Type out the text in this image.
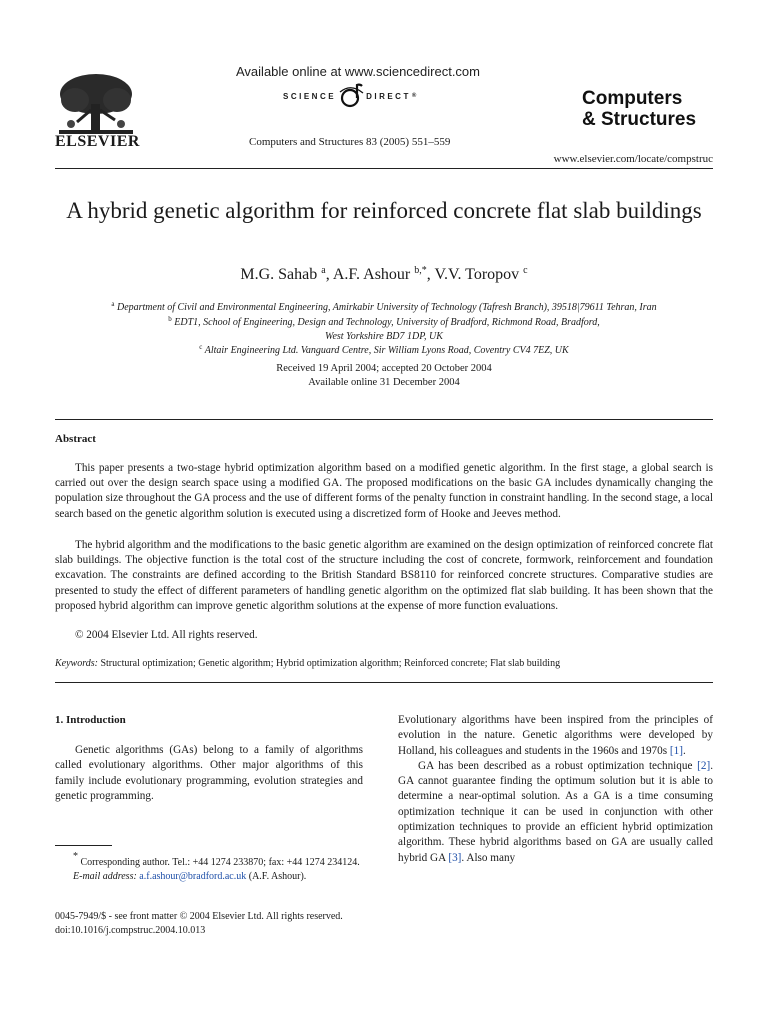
ELSEVIER
Available online at www.sciencedirect.com
SCIENCE	DIRECT ®
Computers and Structures 83 (2005) 551–559
Computers
& Structures
www.elsevier.com/locate/compstruc
A hybrid genetic algorithm for reinforced concrete flat slab buildings
M.G. Sahab $^a$, A.F. Ashour $^{b,*}$, V.V. Toropov $^c$
$^a$ Department of Civil and Environmental Engineering, Amirkabir University of Technology (Tafresh Branch), 39518|79611 Tehran, Iran
$^b$ EDT1, School of Engineering, Design and Technology, University of Bradford, Richmond Road, Bradford,
West Yorkshire BD7 1DP, UK
$^c$ Altair Engineering Ltd. Vanguard Centre, Sir William Lyons Road, Coventry CV4 7EZ, UK
Received 19 April 2004; accepted 20 October 2004
Available online 31 December 2004
Abstract

This paper presents a two-stage hybrid optimization algorithm based on a modified genetic algorithm. In the first stage, a global search is carried out over the design search space using a modified GA. The proposed modifications on the basic GA includes dynamically changing the population size throughout the GA process and the use of different forms of the penalty function in constraint handling. In the second stage, a local search based on the genetic algorithm solution is executed using a discretized form of Hooke and Jeeves method.

The hybrid algorithm and the modifications to the basic genetic algorithm are examined on the design optimization of reinforced concrete flat slab buildings. The objective function is the total cost of the structure including the cost of concrete, formwork, reinforcement and foundation excavation. The constraints are defined according to the British Standard BS8110 for reinforced concrete structures. Comparative studies are presented to study the effect of different parameters of handling genetic algorithm on the optimized flat slab building. It has been shown that the proposed hybrid algorithm can improve genetic algorithm solutions at the expense of more function evaluations.

© 2004 Elsevier Ltd. All rights reserved.
Keywords: Structural optimization; Genetic algorithm; Hybrid optimization algorithm; Reinforced concrete; Flat slab building
1. Introduction

Genetic algorithms (GAs) belong to a family of algorithms called evolutionary algorithms. Other major algorithms of this family include evolutionary programming, evolution strategies and genetic programming.

Evolutionary algorithms have been inspired from the principles of evolution in the nature. Genetic algorithms were developed by Holland, his colleagues and students in the 1960s and 1970s [1].

GA has been described as a robust optimization technique [2]. GA cannot guarantee finding the optimum solution but it is able to determine a near-optimal solution. As a GA is a time consuming optimization technique it can be used in conjunction with other optimization techniques to provide an efficient hybrid optimization algorithm. These hybrid algorithms based on GA are usually called hybrid GA [3]. Also many

* Corresponding author. Tel.: +44 1274 233870; fax: +44 1274 234124.

E-mail address: a.f.ashour@bradford.ac.uk (A.F. Ashour).

0045-7949/$ - see front matter © 2004 Elsevier Ltd. All rights reserved.
doi:10.1016/j.compstruc.2004.10.013
